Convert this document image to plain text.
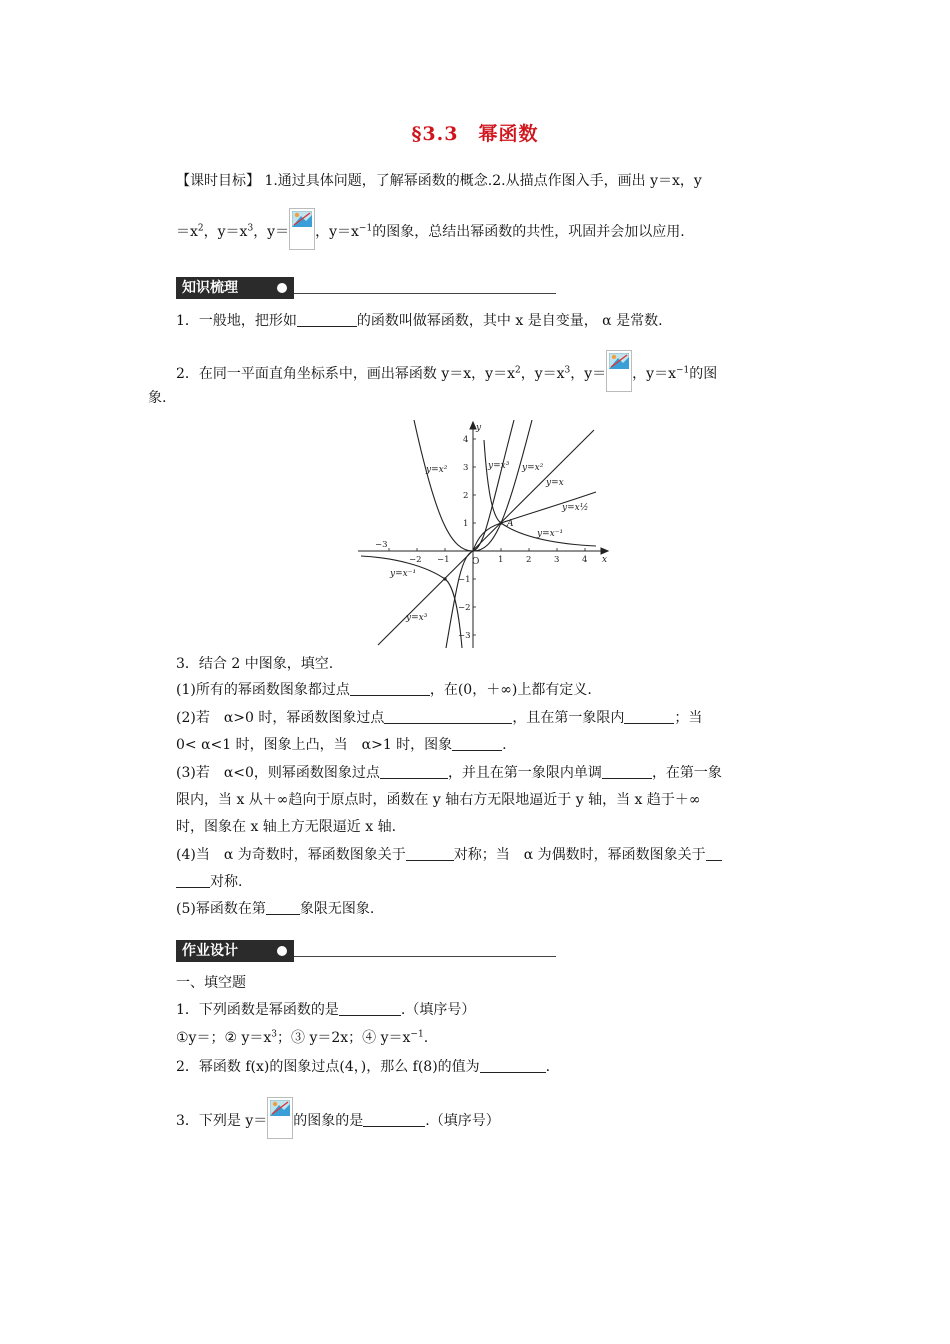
§3.3　幂函数
【课时目标】 1.通过具体问题，了解幂函数的概念.2.从描点作图入手，画出 y＝x，y
$=x^2$，$y=x^3$，y＝ ，$y=x^{-1}$的图象，总结出幂函数的共性，巩固并会加以应用.
知识梳理
1．一般地，把形如	的函数叫做幂函数，其中 x 是自变量， α 是常数.
2．在同一平面直角坐标系中，画出幂函数 y＝x，$y=x^2$，$y=x^3$，y＝ ，$y=x^{-1}$的图
象.
y
x
O
A
y=x²	y=x³ y=x²
y=x
y=x½
y=x⁻¹
y=x⁻¹
y=x³
−3
−2 −1	1	2	3	4
4
3
2
1
−1
−2
−3
3．结合 2 中图象，填空.
(1)所有的幂函数图象都过点	，在(0，＋∞)上都有定义.
(2)若　α>0 时，幂函数图象过点	，且在第一象限内	；当
0< α<1 时，图象上凸，当　α>1 时，图象	.
(3)若　α<0，则幂函数图象过点	，并且在第一象限内单调	，在第一象
限内，当 x 从＋∞趋向于原点时，函数在 y 轴右方无限地逼近于 y 轴，当 x 趋于＋∞
时，图象在 x 轴上方无限逼近 x 轴.
(4)当　α 为奇数时，幂函数图象关于	对称；当　α 为偶数时，幂函数图象关于
对称.
(5)幂函数在第 象限无图象.
作业设计
一、填空题
1．下列函数是幂函数的是	.（填序号）
①y＝；② $y=x^3$；③ y＝2x；④ $y=x^{-1}$.
2．幂函数 f(x)的图象过点(4，)，那么 f(8)的值为	.
3．下列是 y＝ 的图象的是	.（填序号）
